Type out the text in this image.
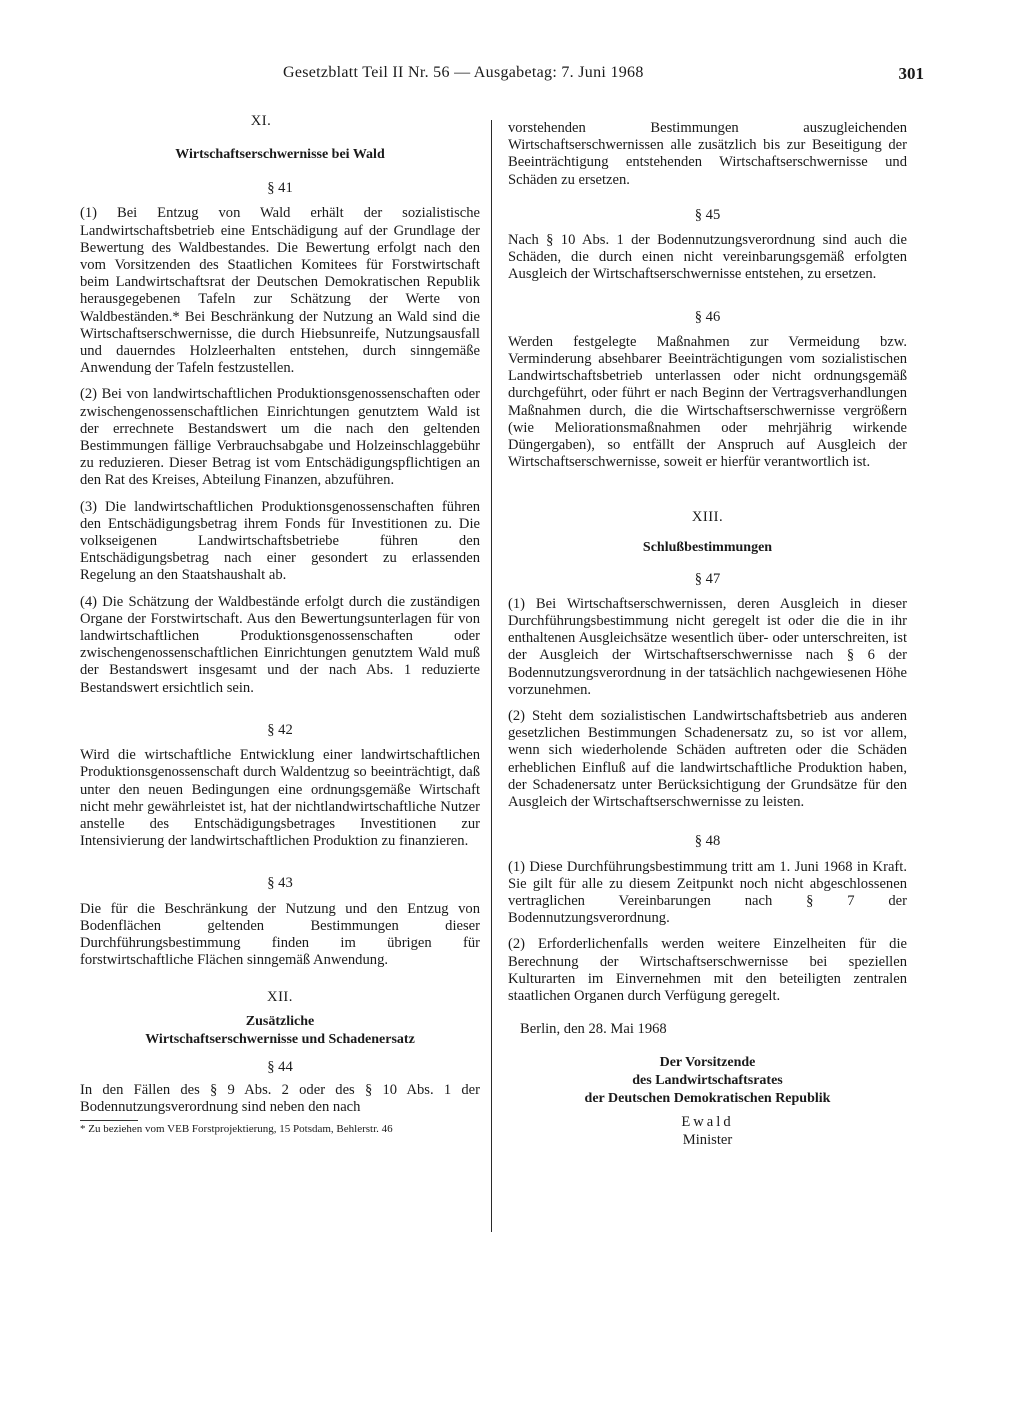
Gesetzblatt Teil II Nr. 56 — Ausgabetag: 7. Juni 1968	301

XI.

Wirtschaftserschwernisse bei Wald

§ 41

(1) Bei Entzug von Wald erhält der sozialistische Landwirtschaftsbetrieb eine Entschädigung auf der Grundlage der Bewertung des Waldbestandes. Die Bewertung erfolgt nach den vom Vorsitzenden des Staatlichen Komitees für Forstwirtschaft beim Landwirtschaftsrat der Deutschen Demokratischen Republik herausgegebenen Tafeln zur Schätzung der Werte von Waldbeständen.* Bei Beschränkung der Nutzung an Wald sind die Wirtschaftserschwernisse, die durch Hiebsunreife, Nutzungsausfall und dauerndes Holzleerhalten entstehen, durch sinngemäße Anwendung der Tafeln festzustellen.

(2) Bei von landwirtschaftlichen Produktionsgenossenschaften oder zwischengenossenschaftlichen Einrichtungen genutztem Wald ist der errechnete Bestandswert um die nach den geltenden Bestimmungen fällige Verbrauchsabgabe und Holzeinschlaggebühr zu reduzieren. Dieser Betrag ist vom Entschädigungspflichtigen an den Rat des Kreises, Abteilung Finanzen, abzuführen.

(3) Die landwirtschaftlichen Produktionsgenossenschaften führen den Entschädigungsbetrag ihrem Fonds für Investitionen zu. Die volkseigenen Landwirtschaftsbetriebe führen den Entschädigungsbetrag nach einer gesondert zu erlassenden Regelung an den Staatshaushalt ab.

(4) Die Schätzung der Waldbestände erfolgt durch die zuständigen Organe der Forstwirtschaft. Aus den Bewertungsunterlagen für von landwirtschaftlichen Produktionsgenossenschaften oder zwischengenossenschaftlichen Einrichtungen genutztem Wald muß der Bestandswert insgesamt und der nach Abs. 1 reduzierte Bestandswert ersichtlich sein.

§ 42

Wird die wirtschaftliche Entwicklung einer landwirtschaftlichen Produktionsgenossenschaft durch Waldentzug so beeinträchtigt, daß unter den neuen Bedingungen eine ordnungsgemäße Wirtschaft nicht mehr gewährleistet ist, hat der nichtlandwirtschaftliche Nutzer anstelle des Entschädigungsbetrages Investitionen zur Intensivierung der landwirtschaftlichen Produktion zu finanzieren.

§ 43

Die für die Beschränkung der Nutzung und den Entzug von Bodenflächen geltenden Bestimmungen dieser Durchführungsbestimmung finden im übrigen für forstwirtschaftliche Flächen sinngemäß Anwendung.

XII.

Zusätzliche

Wirtschaftserschwernisse und Schadenersatz

§ 44

In den Fällen des § 9 Abs. 2 oder des § 10 Abs. 1 der Bodennutzungsverordnung sind neben den nach

* Zu beziehen vom VEB Forstprojektierung, 15 Potsdam, Behlerstr. 46

vorstehenden Bestimmungen auszugleichenden Wirtschaftserschwernissen alle zusätzlich bis zur Beseitigung der Beeinträchtigung entstehenden Wirtschaftserschwernisse und Schäden zu ersetzen.

§ 45

Nach § 10 Abs. 1 der Bodennutzungsverordnung sind auch die Schäden, die durch einen nicht vereinbarungsgemäß erfolgten Ausgleich der Wirtschaftserschwernisse entstehen, zu ersetzen.

§ 46

Werden festgelegte Maßnahmen zur Vermeidung bzw. Verminderung absehbarer Beeinträchtigungen vom sozialistischen Landwirtschaftsbetrieb unterlassen oder nicht ordnungsgemäß durchgeführt, oder führt er nach Beginn der Vertragsverhandlungen Maßnahmen durch, die die Wirtschaftserschwernisse vergrößern (wie Meliorationsmaßnahmen oder mehrjährig wirkende Düngergaben), so entfällt der Anspruch auf Ausgleich der Wirtschaftserschwernisse, soweit er hierfür verantwortlich ist.

XIII.

Schlußbestimmungen

§ 47

(1) Bei Wirtschaftserschwernissen, deren Ausgleich in dieser Durchführungsbestimmung nicht geregelt ist oder die die in ihr enthaltenen Ausgleichsätze wesentlich über- oder unterschreiten, ist der Ausgleich der Wirtschaftserschwernisse nach § 6 der Bodennutzungsverordnung in der tatsächlich nachgewiesenen Höhe vorzunehmen.

(2) Steht dem sozialistischen Landwirtschaftsbetrieb aus anderen gesetzlichen Bestimmungen Schadenersatz zu, so ist vor allem, wenn sich wiederholende Schäden auftreten oder die Schäden erheblichen Einfluß auf die landwirtschaftliche Produktion haben, der Schadenersatz unter Berücksichtigung der Grundsätze für den Ausgleich der Wirtschaftserschwernisse zu leisten.

§ 48

(1) Diese Durchführungsbestimmung tritt am 1. Juni 1968 in Kraft. Sie gilt für alle zu diesem Zeitpunkt noch nicht abgeschlossenen vertraglichen Vereinbarungen nach § 7 der Bodennutzungsverordnung.

(2) Erforderlichenfalls werden weitere Einzelheiten für die Berechnung der Wirtschaftserschwernisse bei speziellen Kulturarten im Einvernehmen mit den beteiligten zentralen staatlichen Organen durch Verfügung geregelt.

Berlin, den 28. Mai 1968

Der Vorsitzende

des Landwirtschaftsrates

der Deutschen Demokratischen Republik

Ewald

Minister
